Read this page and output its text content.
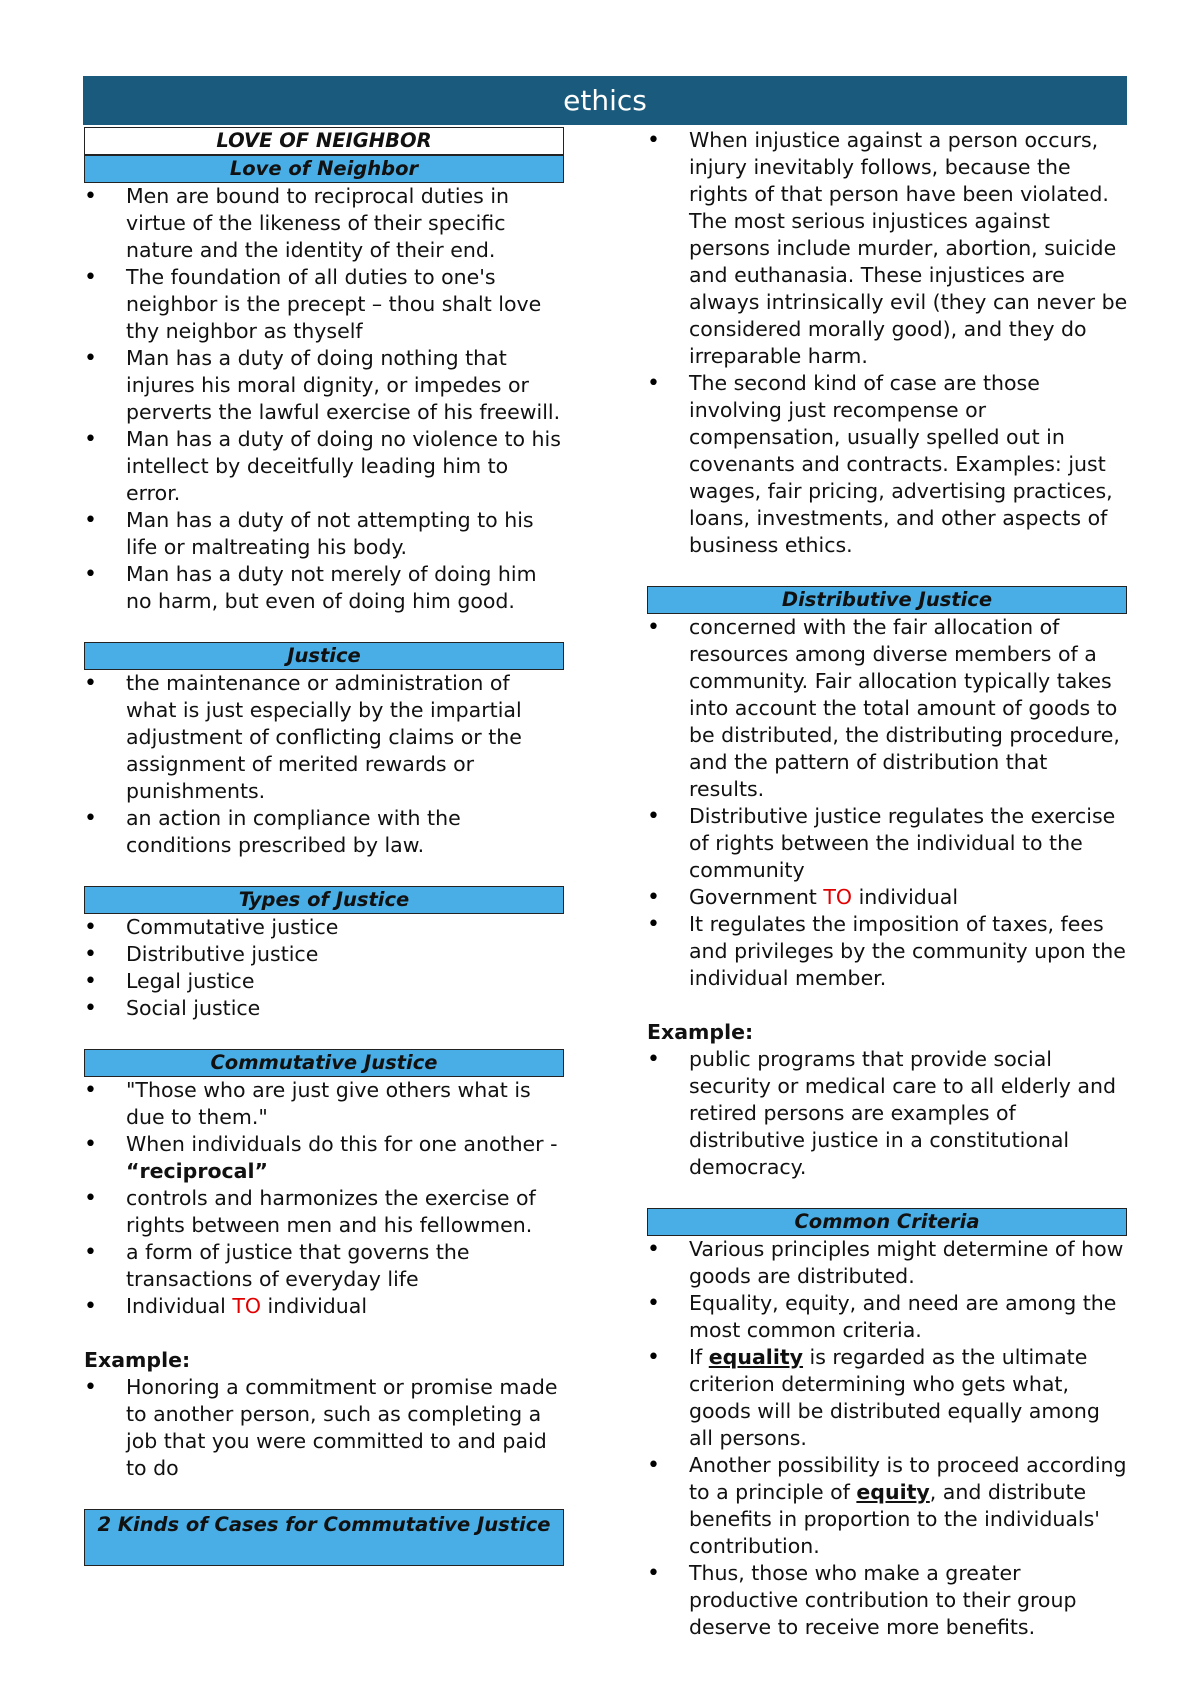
ethics
LOVE OF NEIGHBOR
Love of Neighbor
• Men are bound to reciprocal duties in virtue of the likeness of their specific nature and the identity of their end.
• The foundation of all duties to one's neighbor is the precept – thou shalt love thy neighbor as thyself
• Man has a duty of doing nothing that injures his moral dignity, or impedes or perverts the lawful exercise of his freewill.
• Man has a duty of doing no violence to his intellect by deceitfully leading him to error.
• Man has a duty of not attempting to his life or maltreating his body.
• Man has a duty not merely of doing him no harm, but even of doing him good.
Justice
• the maintenance or administration of what is just especially by the impartial adjustment of conflicting claims or the assignment of merited rewards or punishments.
• an action in compliance with the conditions prescribed by law.
Types of Justice
• Commutative justice
• Distributive justice
• Legal justice
• Social justice
Commutative Justice
• "Those who are just give others what is due to them."
• When individuals do this for one another -
“reciprocal”
• controls and harmonizes the exercise of rights between men and his fellowmen.
• a form of justice that governs the transactions of everyday life
• Individual TO individual
Example:
• Honoring a commitment or promise made to another person, such as completing a job that you were committed to and paid to do
2 Kinds of Cases for Commutative Justice
• When injustice against a person occurs, injury inevitably follows, because the rights of that person have been violated. The most serious injustices against persons include murder, abortion, suicide and euthanasia. These injustices are always intrinsically evil (they can never be considered morally good), and they do irreparable harm.
• The second kind of case are those involving just recompense or compensation, usually spelled out in covenants and contracts. Examples: just wages, fair pricing, advertising practices, loans, investments, and other aspects of business ethics.
Distributive Justice
• concerned with the fair allocation of resources among diverse members of a community. Fair allocation typically takes into account the total amount of goods to be distributed, the distributing procedure, and the pattern of distribution that results.
• Distributive justice regulates the exercise of rights between the individual to the community
• Government TO individual
• It regulates the imposition of taxes, fees and privileges by the community upon the individual member.
Example:
• public programs that provide social security or medical care to all elderly and retired persons are examples of distributive justice in a constitutional democracy.
Common Criteria
• Various principles might determine of how goods are distributed.
• Equality, equity, and need are among the most common criteria.
• If equality is regarded as the ultimate criterion determining who gets what, goods will be distributed equally among all persons.
• Another possibility is to proceed according to a principle of equity, and distribute benefits in proportion to the individuals' contribution.
• Thus, those who make a greater productive contribution to their group deserve to receive more benefits.
